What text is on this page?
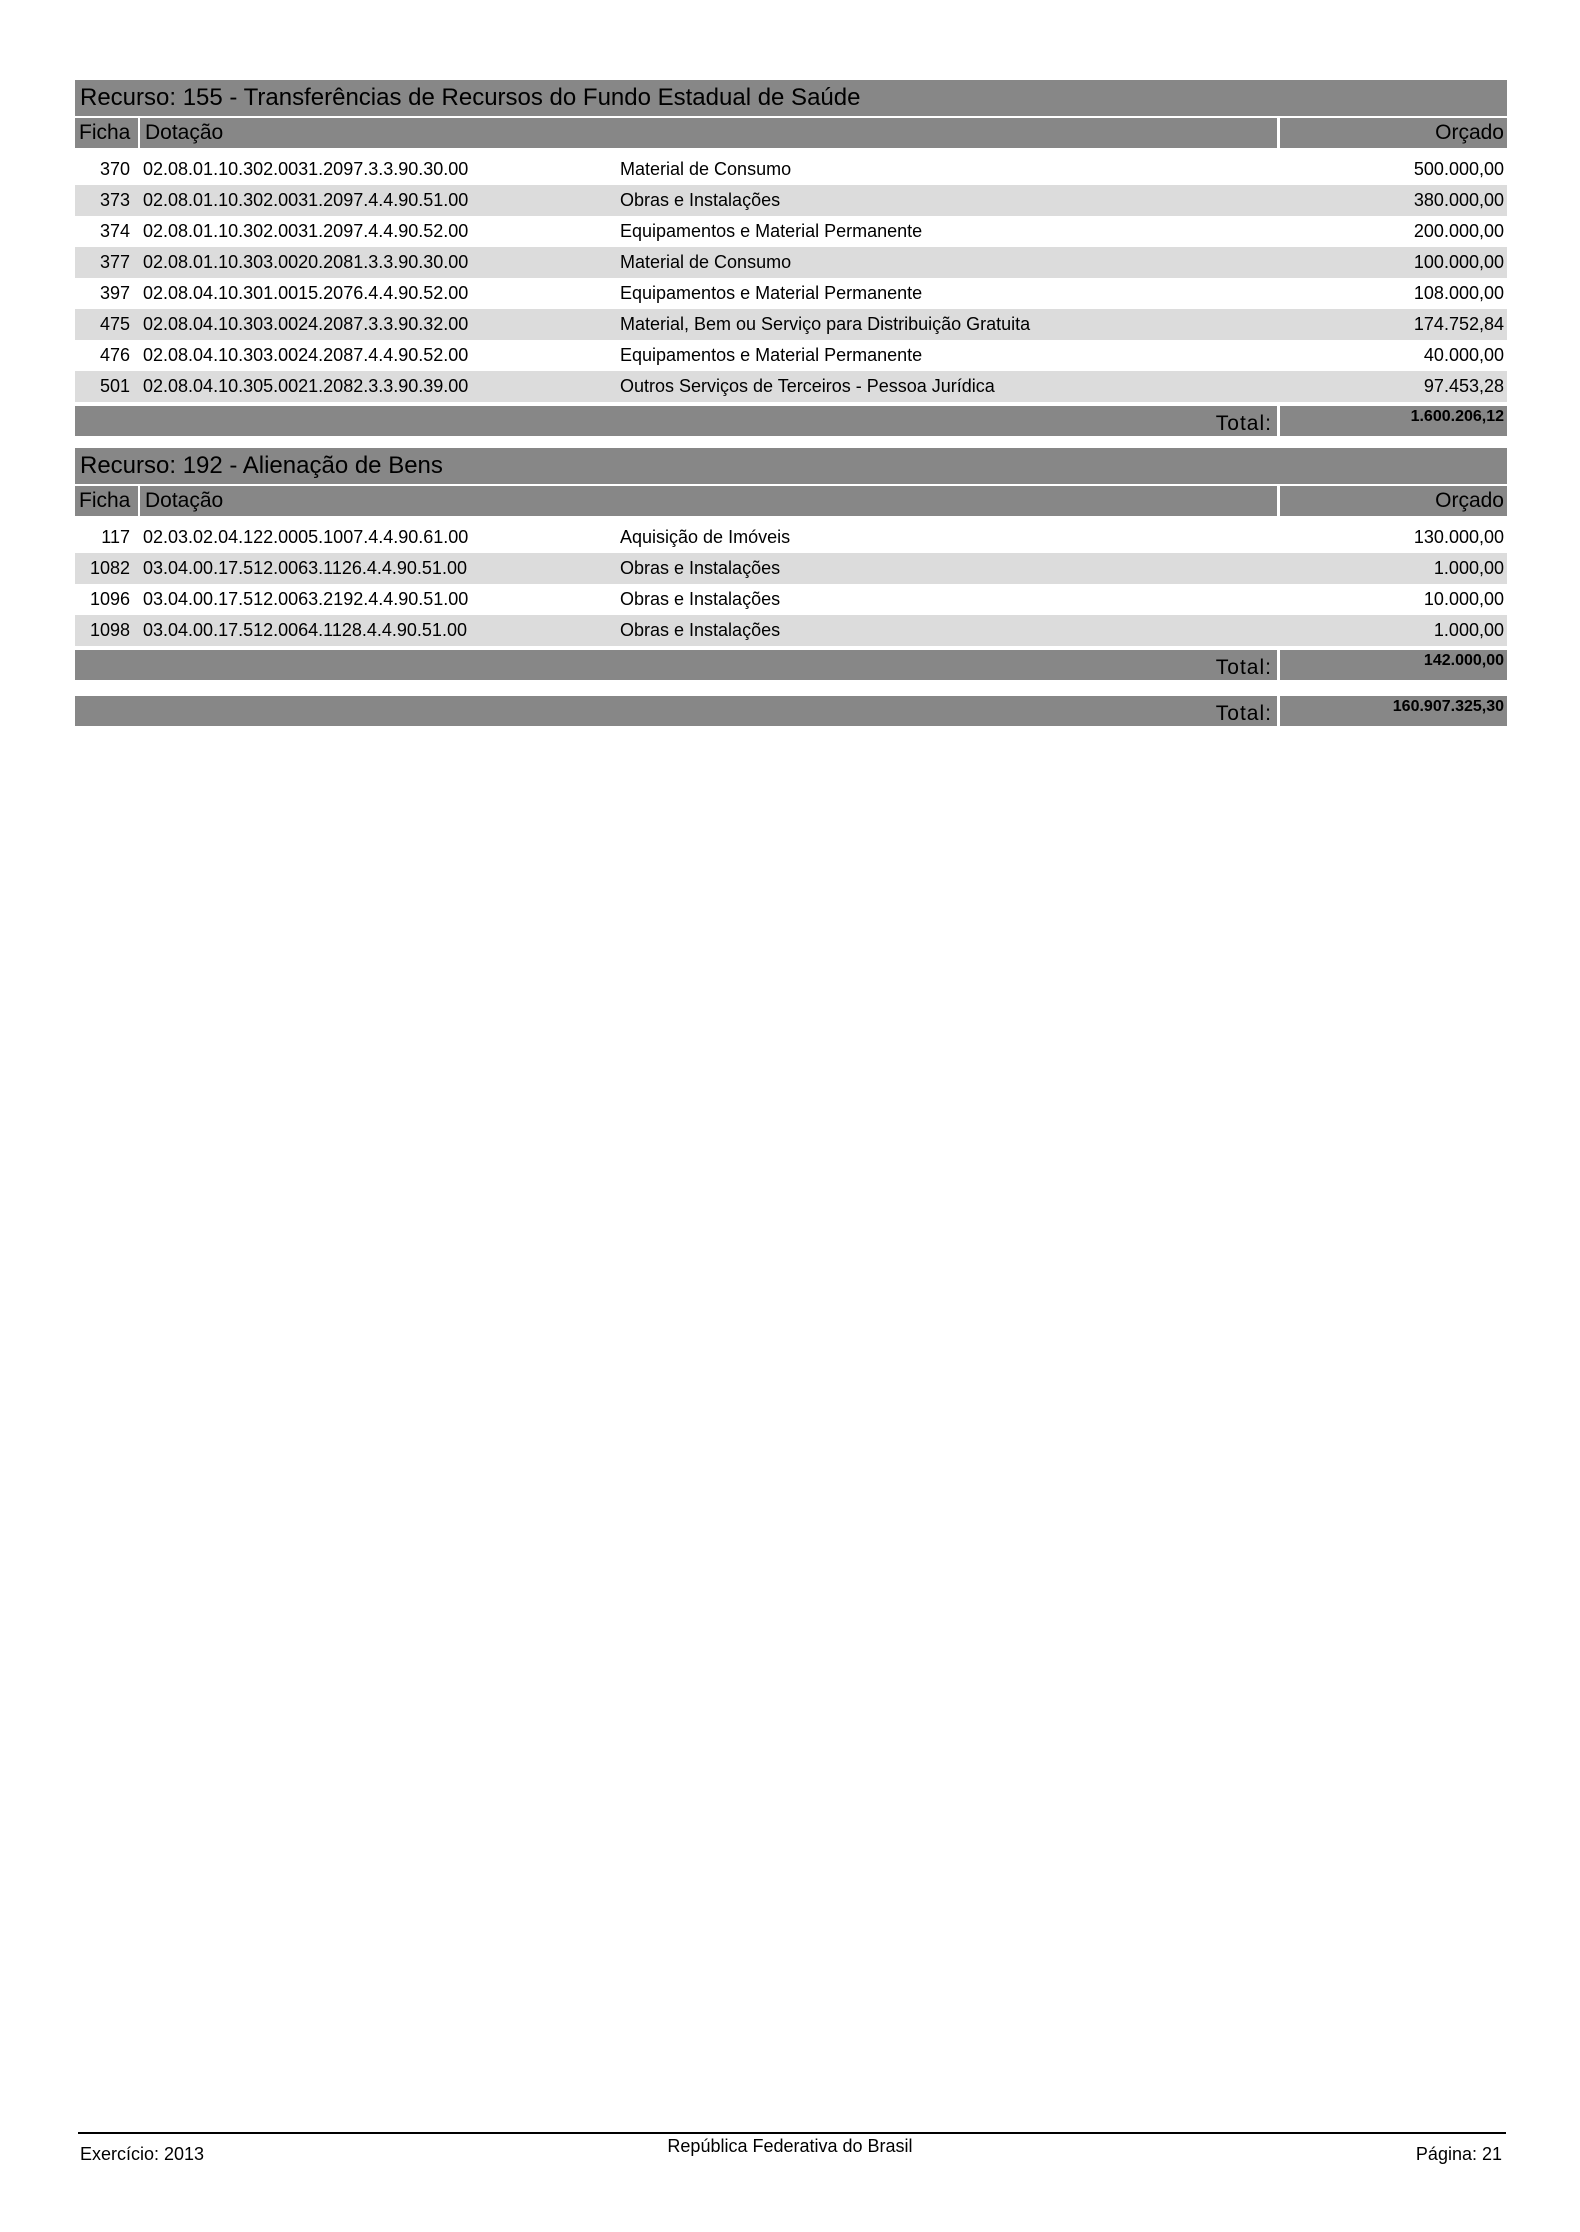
Recurso: 155 - Transferências de Recursos do Fundo Estadual de Saúde
Ficha Dotação	Orçado
370 02.08.01.10.302.0031.2097.3.3.90.30.00	Material de Consumo	500.000,00
373 02.08.01.10.302.0031.2097.4.4.90.51.00	Obras e Instalações	380.000,00
374 02.08.01.10.302.0031.2097.4.4.90.52.00	Equipamentos e Material Permanente	200.000,00
377 02.08.01.10.303.0020.2081.3.3.90.30.00	Material de Consumo	100.000,00
397 02.08.04.10.301.0015.2076.4.4.90.52.00	Equipamentos e Material Permanente	108.000,00
475 02.08.04.10.303.0024.2087.3.3.90.32.00	Material, Bem ou Serviço para Distribuição Gratuita	174.752,84
476 02.08.04.10.303.0024.2087.4.4.90.52.00	Equipamentos e Material Permanente	40.000,00
501 02.08.04.10.305.0021.2082.3.3.90.39.00	Outros Serviços de Terceiros - Pessoa Jurídica	97.453,28
Total:	1.600.206,12
Recurso: 192 - Alienação de Bens
Ficha Dotação	Orçado
117 02.03.02.04.122.0005.1007.4.4.90.61.00	Aquisição de Imóveis	130.000,00
1082 03.04.00.17.512.0063.1126.4.4.90.51.00	Obras e Instalações	1.000,00
1096 03.04.00.17.512.0063.2192.4.4.90.51.00	Obras e Instalações	10.000,00
1098 03.04.00.17.512.0064.1128.4.4.90.51.00	Obras e Instalações	1.000,00
Total:	142.000,00
Total:	160.907.325,30
Exercício: 2013	República Federativa do Brasil	Página: 21
